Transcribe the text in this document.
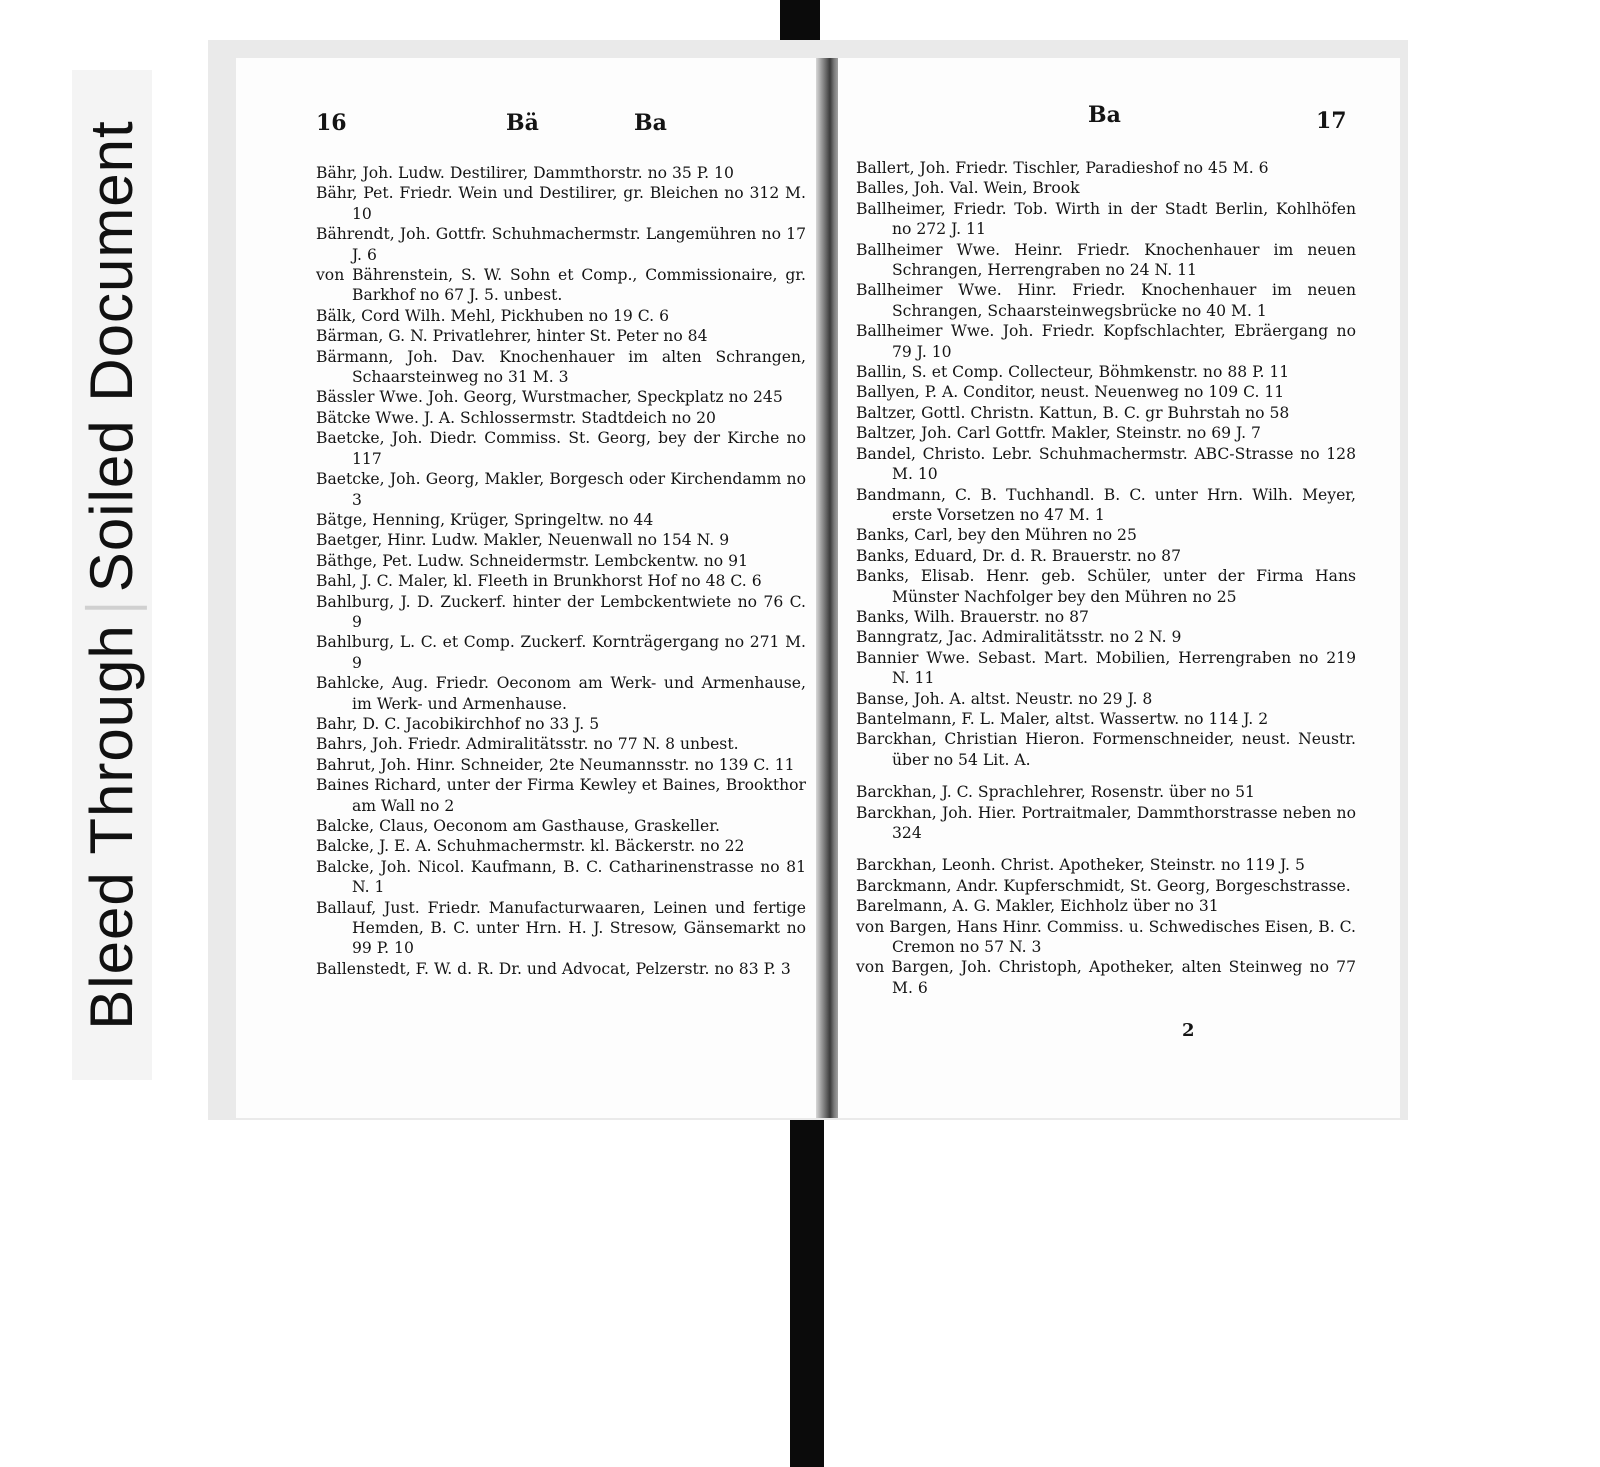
Bleed ThroughSoiled Document	16	Bä	Ba

Bähr, Joh. Ludw. Destilirer, Dammthorstr. no 35 P. 10

Bähr, Pet. Friedr. Wein und Destilirer, gr. Bleichen no 312 M. 10

Bährendt, Joh. Gottfr. Schuhmachermstr. Langemühren no 17 J. 6

von Bährenstein, S. W. Sohn et Comp., Commissionaire, gr. Barkhof no 67 J. 5. unbest.

Bälk, Cord Wilh. Mehl, Pickhuben no 19 C. 6

Bärman, G. N. Privatlehrer, hinter St. Peter no 84

Bärmann, Joh. Dav. Knochenhauer im alten Schrangen, Schaarsteinweg no 31 M. 3

Bässler Wwe. Joh. Georg, Wurstmacher, Speckplatz no 245

Bätcke Wwe. J. A. Schlossermstr. Stadtdeich no 20

Baetcke, Joh. Diedr. Commiss. St. Georg, bey der Kirche no 117

Baetcke, Joh. Georg, Makler, Borgesch oder Kirchendamm no 3

Bätge, Henning, Krüger, Springeltw. no 44

Baetger, Hinr. Ludw. Makler, Neuenwall no 154 N. 9

Bäthge, Pet. Ludw. Schneidermstr. Lembckentw. no 91

Bahl, J. C. Maler, kl. Fleeth in Brunkhorst Hof no 48 C. 6

Bahlburg, J. D. Zuckerf. hinter der Lembckentwiete no 76 C. 9

Bahlburg, L. C. et Comp. Zuckerf. Kornträgergang no 271 M. 9

Bahlcke, Aug. Friedr. Oeconom am Werk- und Armenhause, im Werk- und Armenhause.

Bahr, D. C. Jacobikirchhof no 33 J. 5

Bahrs, Joh. Friedr. Admiralitätsstr. no 77 N. 8 unbest.

Bahrut, Joh. Hinr. Schneider, 2te Neumannsstr. no 139 C. 11

Baines Richard, unter der Firma Kewley et Baines, Brookthor am Wall no 2

Balcke, Claus, Oeconom am Gasthause, Graskeller.

Balcke, J. E. A. Schuhmachermstr. kl. Bäckerstr. no 22

Balcke, Joh. Nicol. Kaufmann, B. C. Catharinenstrasse no 81 N. 1

Ballauf, Just. Friedr. Manufacturwaaren, Leinen und fertige Hemden, B. C. unter Hrn. H. J. Stresow, Gänsemarkt no 99 P. 10

Ballenstedt, F. W. d. R. Dr. und Advocat, Pelzerstr. no 83 P. 3

Ba	17

Ballert, Joh. Friedr. Tischler, Paradieshof no 45 M. 6

Balles, Joh. Val. Wein, Brook

Ballheimer, Friedr. Tob. Wirth in der Stadt Berlin, Kohlhöfen no 272 J. 11

Ballheimer Wwe. Heinr. Friedr. Knochenhauer im neuen Schrangen, Herrengraben no 24 N. 11

Ballheimer Wwe. Hinr. Friedr. Knochenhauer im neuen Schrangen, Schaarsteinwegsbrücke no 40 M. 1

Ballheimer Wwe. Joh. Friedr. Kopfschlachter, Ebräergang no 79 J. 10

Ballin, S. et Comp. Collecteur, Böhmkenstr. no 88 P. 11

Ballyen, P. A. Conditor, neust. Neuenweg no 109 C. 11

Baltzer, Gottl. Christn. Kattun, B. C. gr Buhrstah no 58

Baltzer, Joh. Carl Gottfr. Makler, Steinstr. no 69 J. 7

Bandel, Christo. Lebr. Schuhmachermstr. ABC-Strasse no 128 M. 10

Bandmann, C. B. Tuchhandl. B. C. unter Hrn. Wilh. Meyer, erste Vorsetzen no 47 M. 1

Banks, Carl, bey den Mühren no 25

Banks, Eduard, Dr. d. R. Brauerstr. no 87

Banks, Elisab. Henr. geb. Schüler, unter der Firma Hans Münster Nachfolger bey den Mühren no 25

Banks, Wilh. Brauerstr. no 87

Banngratz, Jac. Admiralitätsstr. no 2 N. 9

Bannier Wwe. Sebast. Mart. Mobilien, Herrengraben no 219 N. 11

Banse, Joh. A. altst. Neustr. no 29 J. 8

Bantelmann, F. L. Maler, altst. Wassertw. no 114 J. 2

Barckhan, Christian Hieron. Formenschneider, neust. Neustr. über no 54 Lit. A.

Barckhan, J. C. Sprachlehrer, Rosenstr. über no 51

Barckhan, Joh. Hier. Portraitmaler, Dammthorstrasse neben no 324

Barckhan, Leonh. Christ. Apotheker, Steinstr. no 119 J. 5

Barckmann, Andr. Kupferschmidt, St. Georg, Borgeschstrasse.

Barelmann, A. G. Makler, Eichholz über no 31

von Bargen, Hans Hinr. Commiss. u. Schwedisches Eisen, B. C. Cremon no 57 N. 3

von Bargen, Joh. Christoph, Apotheker, alten Steinweg no 77 M. 6

2
